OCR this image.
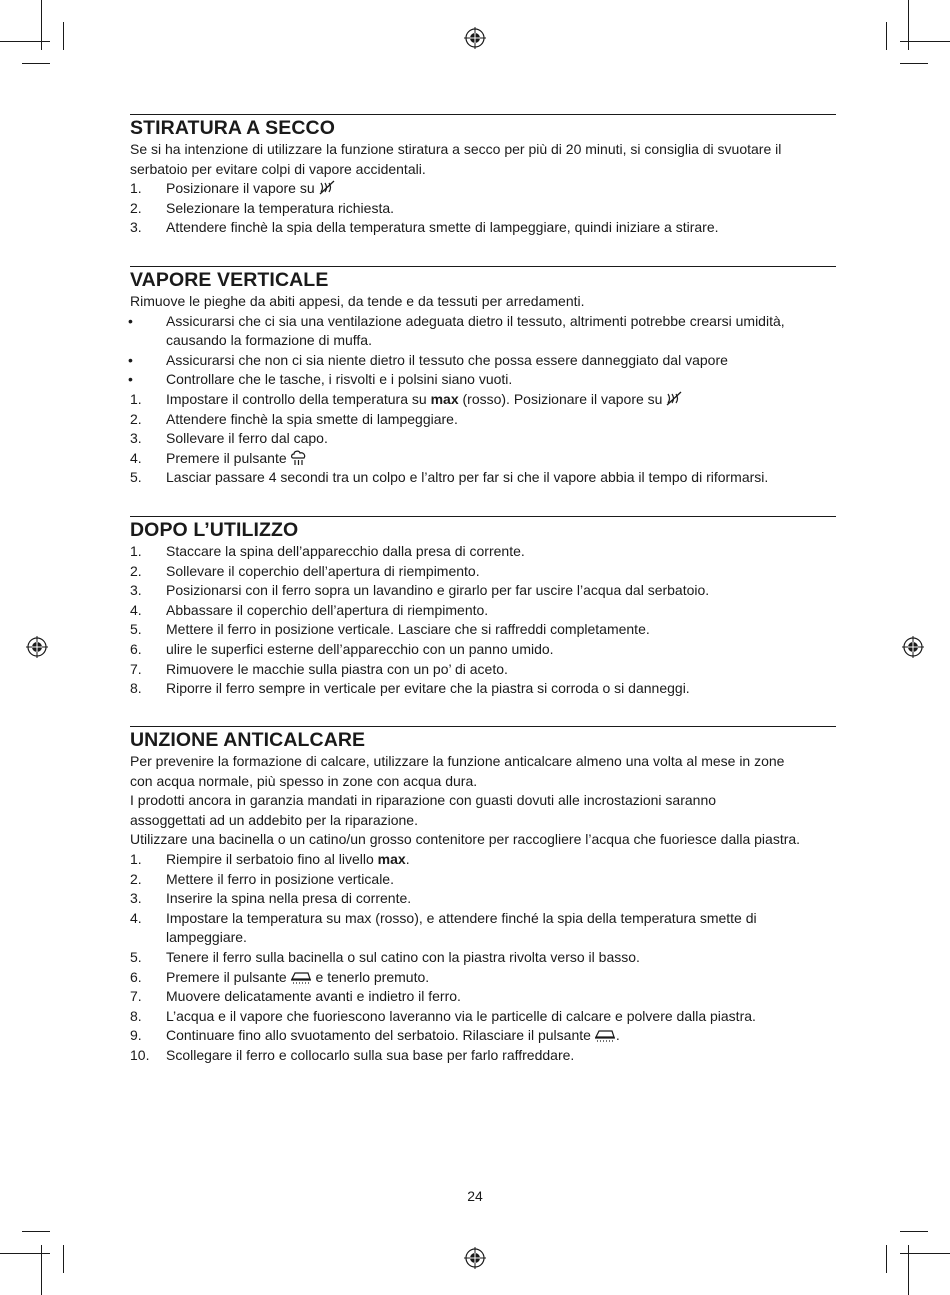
STIRATURA A SECCO
Se si ha intenzione di utilizzare la funzione stiratura a secco per più di 20 minuti, si consiglia di svuotare il
serbatoio per evitare colpi di vapore accidentali.
1. Posizionare il vapore su
2. Selezionare la temperatura richiesta.
3. Attendere finchè la spia della temperatura smette di lampeggiare, quindi iniziare a stirare.
VAPORE VERTICALE
Rimuove le pieghe da abiti appesi, da tende e da tessuti per arredamenti.
• Assicurarsi che ci sia una ventilazione adeguata dietro il tessuto, altrimenti potrebbe crearsi umidità,
causando la formazione di muffa.
• Assicurarsi che non ci sia niente dietro il tessuto che possa essere danneggiato dal vapore
• Controllare che le tasche, i risvolti e i polsini siano vuoti.
1. Impostare il controllo della temperatura su max (rosso). Posizionare il vapore su
2. Attendere finchè la spia smette di lampeggiare.
3. Sollevare il ferro dal capo.
4. Premere il pulsante
5. Lasciar passare 4 secondi tra un colpo e l’altro per far si che il vapore abbia il tempo di riformarsi.
DOPO L’UTILIZZO
1. Staccare la spina dell’apparecchio dalla presa di corrente.
2. Sollevare il coperchio dell’apertura di riempimento.
3. Posizionarsi con il ferro sopra un lavandino e girarlo per far uscire l’acqua dal serbatoio.
4. Abbassare il coperchio dell’apertura di riempimento.
5. Mettere il ferro in posizione verticale. Lasciare che si raffreddi completamente.
6. ulire le superfici esterne dell’apparecchio con un panno umido.
7. Rimuovere le macchie sulla piastra con un po’ di aceto.
8. Riporre il ferro sempre in verticale per evitare che la piastra si corroda o si danneggi.
UNZIONE ANTICALCARE
Per prevenire la formazione di calcare, utilizzare la funzione anticalcare almeno una volta al mese in zone
con acqua normale, più spesso in zone con acqua dura.
I prodotti ancora in garanzia mandati in riparazione con guasti dovuti alle incrostazioni saranno
assoggettati ad un addebito per la riparazione.
Utilizzare una bacinella o un catino/un grosso contenitore per raccogliere l’acqua che fuoriesce dalla piastra.
1. Riempire il serbatoio fino al livello max.
2. Mettere il ferro in posizione verticale.
3. Inserire la spina nella presa di corrente.
4. Impostare la temperatura su max (rosso), e attendere finché la spia della temperatura smette di
lampeggiare.
5. Tenere il ferro sulla bacinella o sul catino con la piastra rivolta verso il basso.
6. Premere il pulsante e tenerlo premuto.
7. Muovere delicatamente avanti e indietro il ferro.
8. L’acqua e il vapore che fuoriescono laveranno via le particelle di calcare e polvere dalla piastra.
9. Continuare fino allo svuotamento del serbatoio. Rilasciare il pulsante .
10. Scollegare il ferro e collocarlo sulla sua base per farlo raffreddare.
24
